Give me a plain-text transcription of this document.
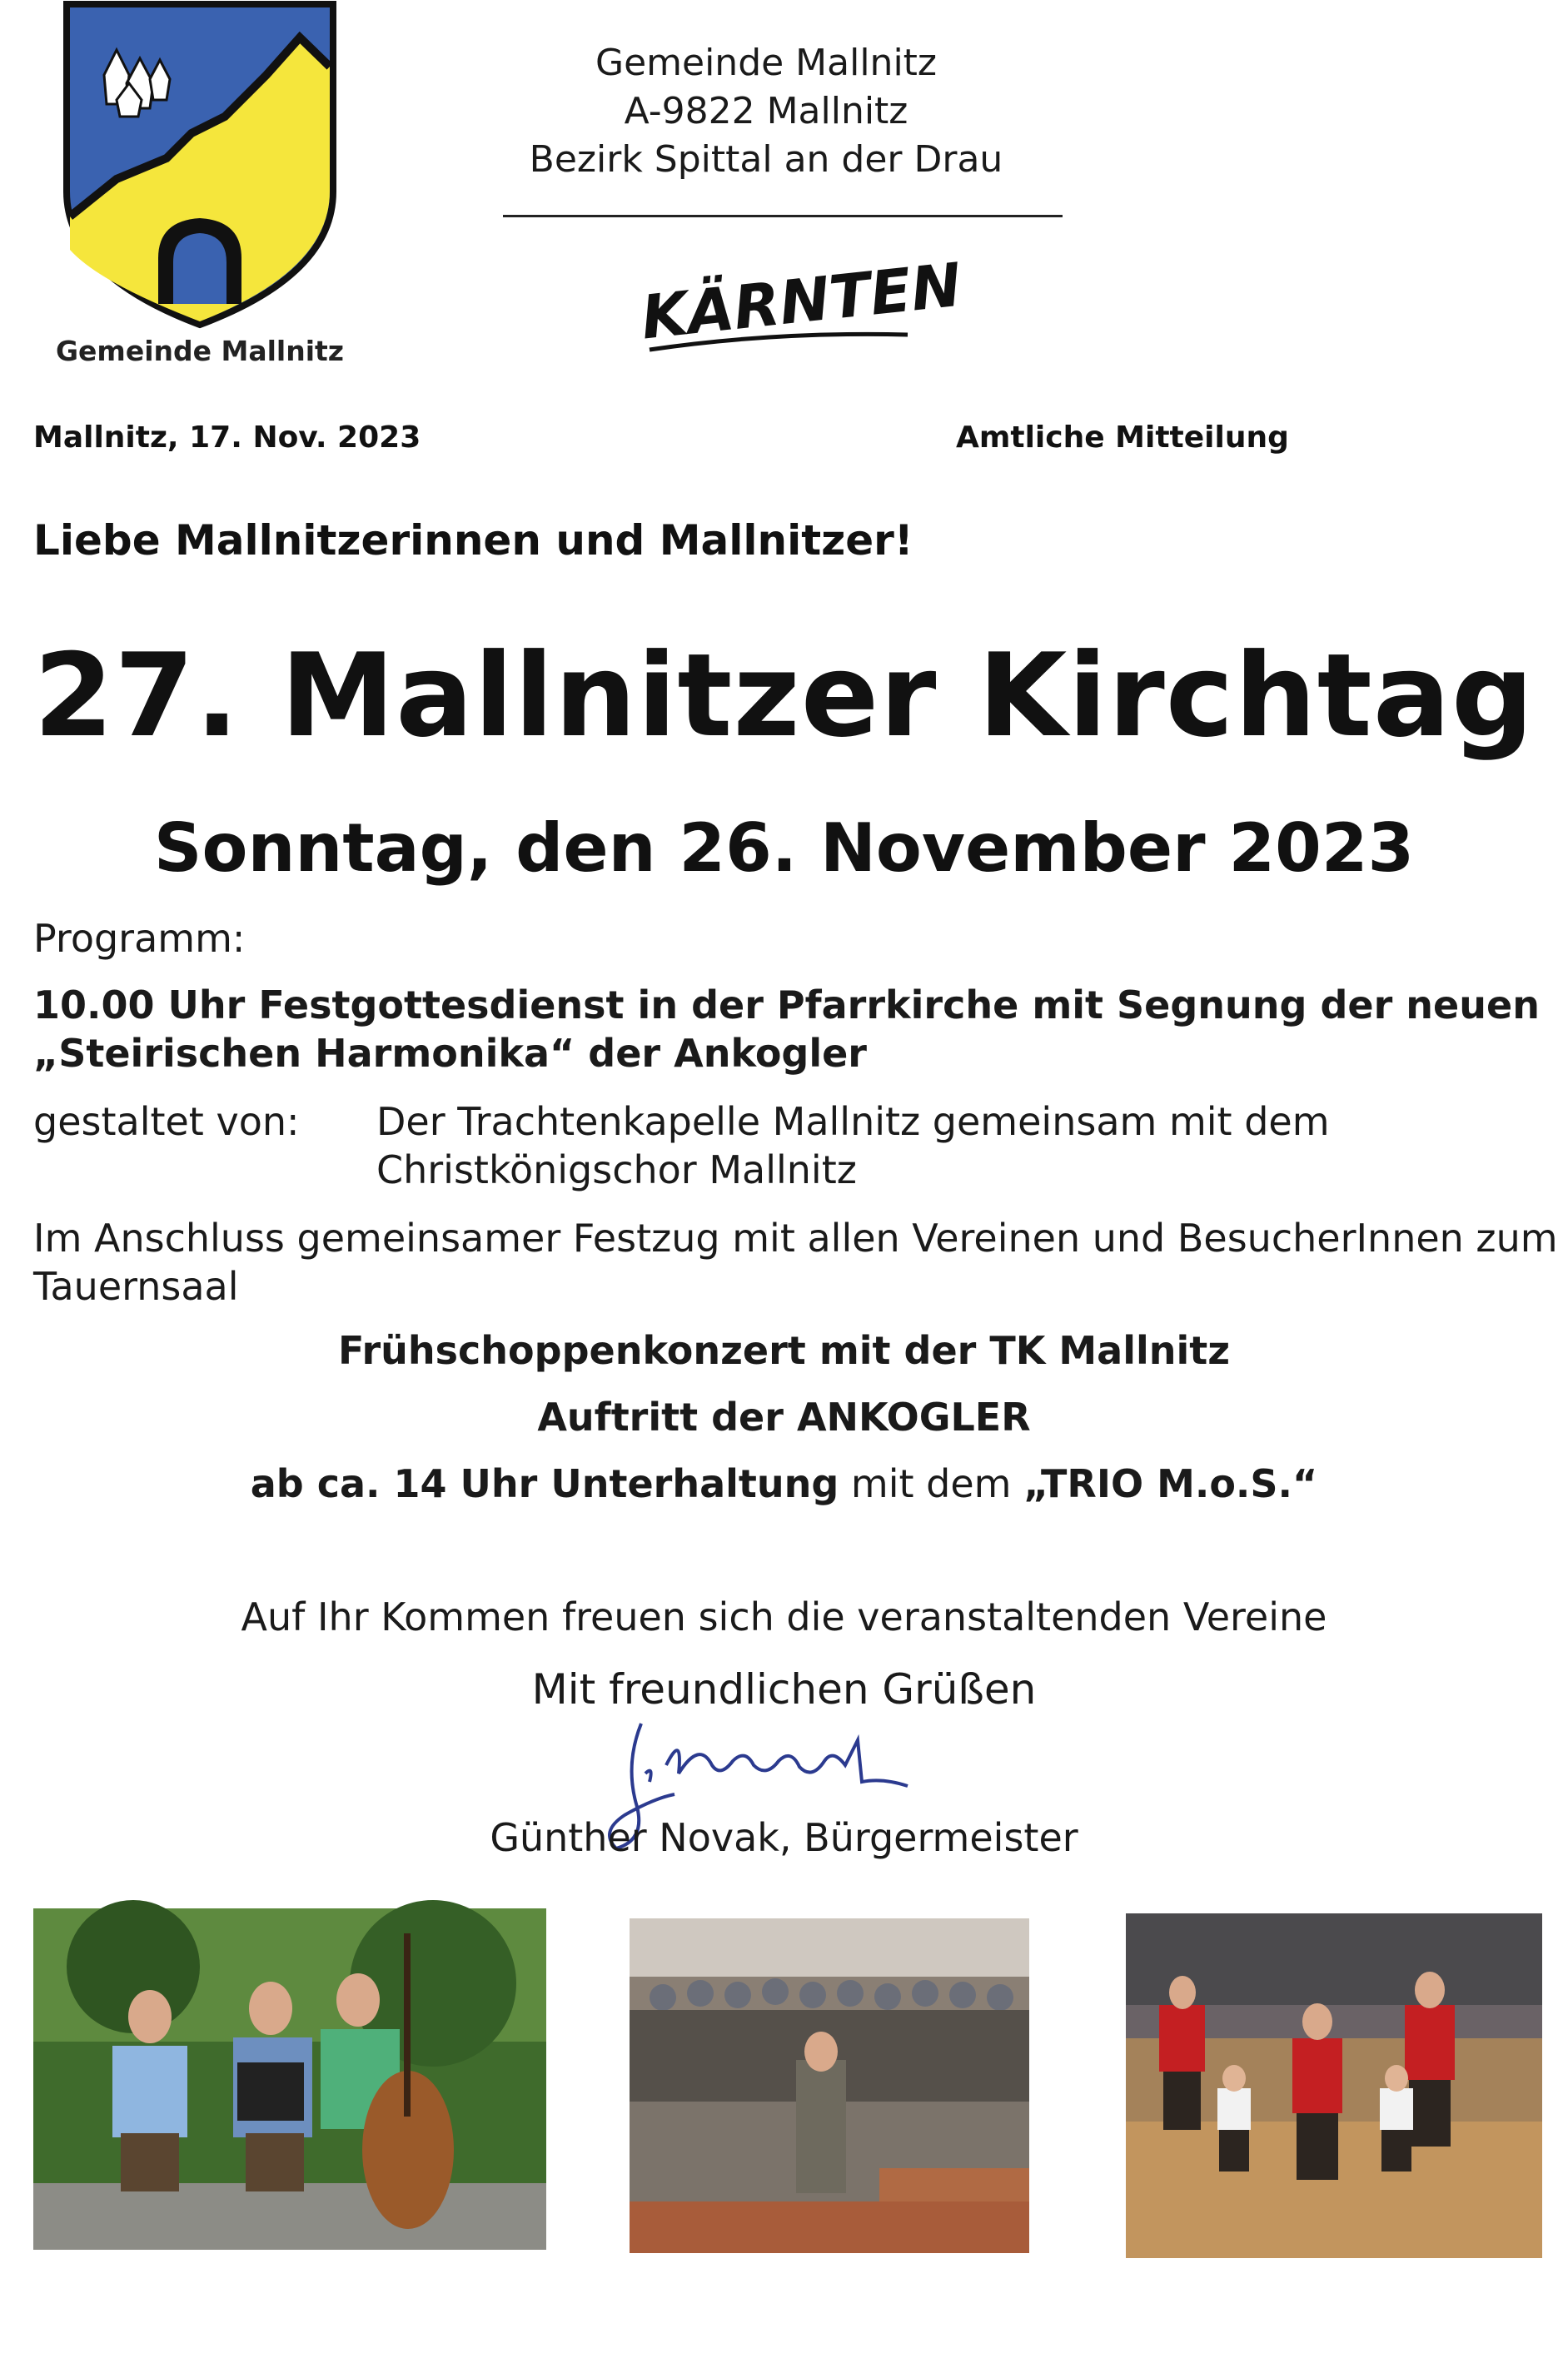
Gemeinde Mallnitz
Gemeinde Mallnitz
A-9822 Mallnitz
Bezirk Spittal an der Drau
KÄRNTEN
Mallnitz, 17. Nov. 2023	Amtliche Mitteilung
Liebe Mallnitzerinnen und Mallnitzer!
27. Mallnitzer Kirchtag
Sonntag, den 26. November 2023
Programm:
10.00 Uhr Festgottesdienst in der Pfarrkirche mit Segnung der neuen
„Steirischen Harmonika“ der Ankogler
gestaltet von: Der Trachtenkapelle Mallnitz gemeinsam mit dem
Christkönigschor Mallnitz
Im Anschluss gemeinsamer Festzug mit allen Vereinen und BesucherInnen zum
Tauernsaal
Frühschoppenkonzert mit der TK Mallnitz
Auftritt der ANKOGLER
ab ca. 14 Uhr Unterhaltung mit dem „TRIO M.o.S.“
Auf Ihr Kommen freuen sich die veranstaltenden Vereine
Mit freundlichen Grüßen
Günther Novak, Bürgermeister
